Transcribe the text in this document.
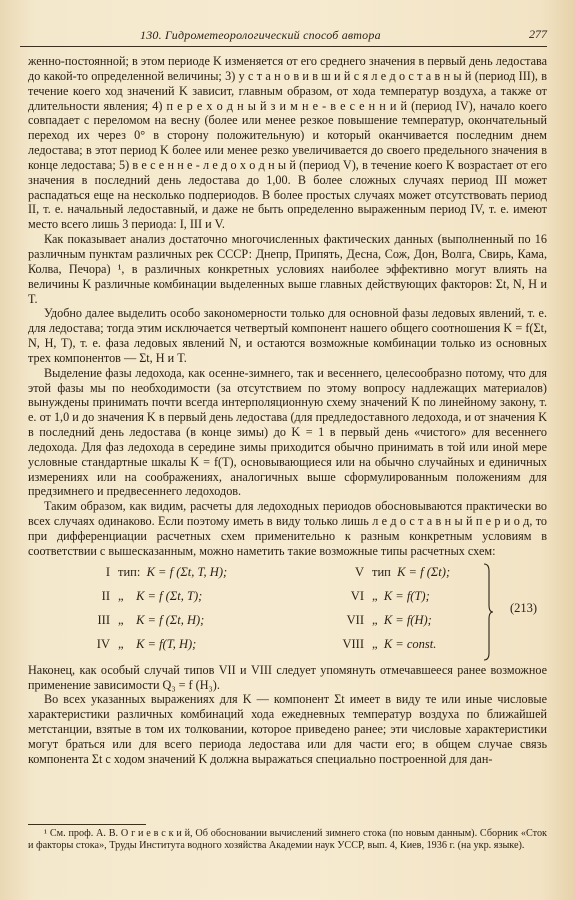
130. Гидрометеорологический способ автора	277

женно-постоянной; в этом периоде K изменяется от его среднего значения в первый день ледостава до какой-то определенной величины; 3) у с т а н о в и в ш и й с я л е д о с т а в н ы й (период III), в течение коего ход значений K зависит, главным образом, от хода температур воздуха, а также от длительности явления; 4) п е р е х о д н ы й з и м н е - в е с е н н и й (период IV), начало коего совпадает с переломом на весну (более или менее резкое повышение температур, окончательный переход их через 0° в сторону положительную) и который оканчивается последним днем ледостава; в этот период K более или менее резко увеличивается до своего предельного значения в конце ледостава; 5) в е с е н н е - л е д о х о д н ы й (период V), в течение коего K возрастает от его значения в последний день ледостава до 1,00. В более сложных случаях период III может распадаться еще на несколько подпериодов. В более простых случаях может отсутствовать период II, т. е. начальный ледоставный, и даже не быть определенно выраженным период IV, т. е. имеют место всего лишь 3 периода: I, III и V.

Как показывает анализ достаточно многочисленных фактических данных (выполненный по 16 различным пунктам различных рек СССР: Днепр, Припять, Десна, Сож, Дон, Волга, Свирь, Кама, Колва, Печора) ¹, в различных конкретных условиях наиболее эффективно могут влиять на величины K различные комбинации выделенных выше главных действующих факторов: Σt, N, H и T.

Удобно далее выделить особо закономерности только для основной фазы ледовых явлений, т. е. для ледостава; тогда этим исключается четвертый компонент нашего общего соотношения K = f(Σt, N, H, T), т. е. фаза ледовых явлений N, и остаются возможные комбинации только из основных трех компонентов — Σt, H и T.

Выделение фазы ледохода, как осенне-зимнего, так и весеннего, целесообразно потому, что для этой фазы мы по необходимости (за отсутствием по этому вопросу надлежащих материалов) вынуждены принимать почти всегда интерполяционную схему значений K по линейному закону, т. е. от 1,0 и до значения K в первый день ледостава (для предледоставного ледохода, и от значения K в последний день ледостава (в конце зимы) до K = 1 в первый день «чистого» для весеннего ледохода. Для фаз ледохода в середине зимы приходится обычно принимать в той или иной мере условные стандартные шкалы K = f(T), основывающиеся или на обычно случайных и единичных измерениях или на соображениях, аналогичных выше сформулированным положениям для предзимнего и предвесеннего ледоходов.

Таким образом, как видим, расчеты для ледоходных периодов обосновываются практически во всех случаях одинаково. Если поэтому иметь в виду только лишь л е д о с т а в н ы й п е р и о д, то при дифференциации расчетных схем применительно к разным конкретным условиям в соответствии с вышесказанным, можно наметить такие возможные типы расчетных схем:

I тип: K = f (Σt, T, H);	V тип K = f (Σt);
II „ K = f (Σt, T);	VI „ K = f(T);
III „ K = f (Σt, H);	VII „ K = f(H);
IV „ K = f(T, H);	VIII „ K = const.
(213)

Наконец, как особый случай типов VII и VIII следует упомянуть отмечавшееся ранее возможное применение зависимости Q₃ = f (H₃).

Во всех указанных выражениях для K — компонент Σt имеет в виду те или иные числовые характеристики различных комбинаций хода ежедневных температур воздуха по ближайшей метстанции, взятые в том их толковании, которое приведено ранее; эти числовые характеристики могут браться или для всего периода ледостава или для части его; в общем случае связь компонента Σt с ходом значений K должна выражаться специально построенной для дан-

¹ См. проф. А. В. О г и е в с к и й, Об обосновании вычислений зимнего стока (по новым данным). Сборник «Сток и факторы стока», Труды Института водного хозяйства Академии наук УССР, вып. 4, Киев, 1936 г. (на укр. языке).
